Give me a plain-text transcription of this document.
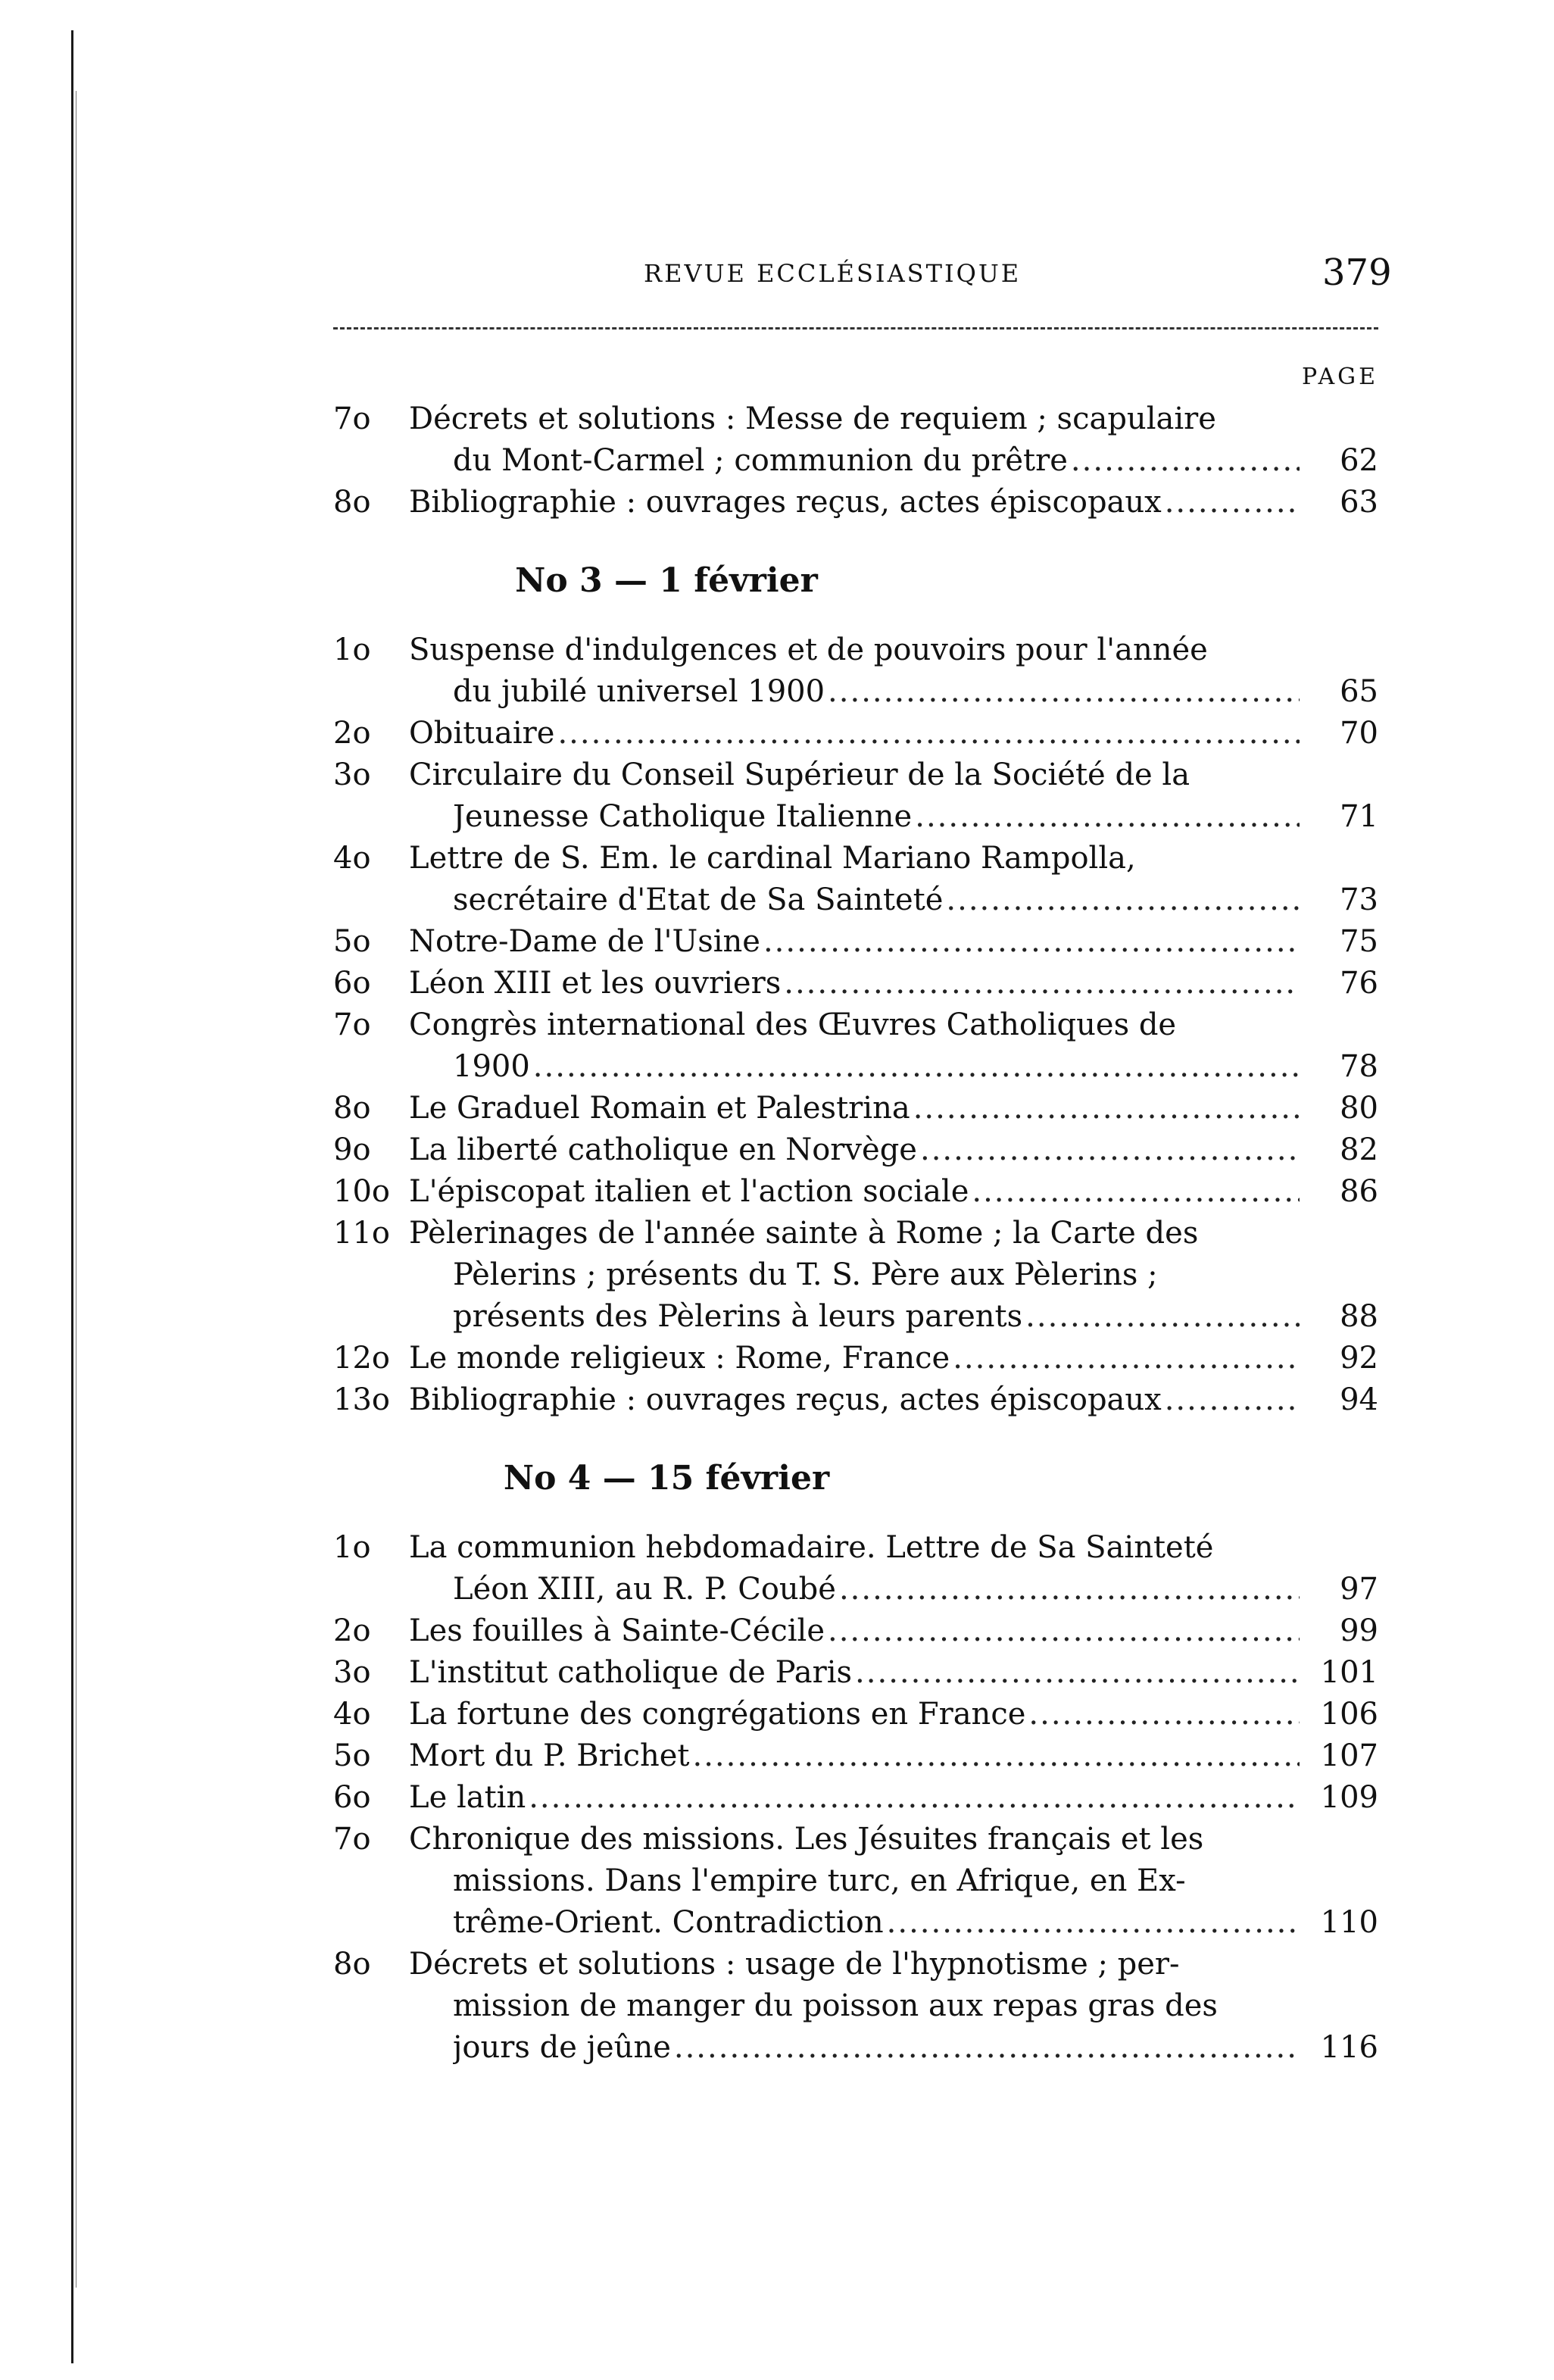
REVUE ECCLÉSIASTIQUE	379
PAGE
7o Décrets et solutions : Messe de requiem ; scapulaire
du Mont-Carmel ; communion du prêtre .....	62
8o Bibliographie : ouvrages reçus, actes épiscopaux .....	63
No 3 — 1 février
1o Suspense d'indulgences et de pouvoirs pour l'année
du jubilé universel 1900 .....	65
2o Obituaire .....	70
3o Circulaire du Conseil Supérieur de la Société de la
Jeunesse Catholique Italienne .....	71
4o Lettre de S. Em. le cardinal Mariano Rampolla,
secrétaire d'Etat de Sa Sainteté .....	73
5o Notre-Dame de l'Usine .....	75
6o Léon XIII et les ouvriers .....	76
7o Congrès international des Œuvres Catholiques de
1900 .....	78
8o Le Graduel Romain et Palestrina .....	80
9o La liberté catholique en Norvège .....	82
10o L'épiscopat italien et l'action sociale .....	86
11o Pèlerinages de l'année sainte à Rome ; la Carte des
Pèlerins ; présents du T. S. Père aux Pèlerins ;
présents des Pèlerins à leurs parents .....	88
12o Le monde religieux : Rome, France .....	92
13o Bibliographie : ouvrages reçus, actes épiscopaux .....	94
No 4 — 15 février
1o La communion hebdomadaire. Lettre de Sa Sainteté
Léon XIII, au R. P. Coubé .....	97
2o Les fouilles à Sainte-Cécile .....	99
3o L'institut catholique de Paris .....	101
4o La fortune des congrégations en France .....	106
5o Mort du P. Brichet .....	107
6o Le latin .....	109
7o Chronique des missions. Les Jésuites français et les
missions. Dans l'empire turc, en Afrique, en Ex-
trême-Orient. Contradiction .....	110
8o Décrets et solutions : usage de l'hypnotisme ; per-
mission de manger du poisson aux repas gras des
jours de jeûne .....	116
